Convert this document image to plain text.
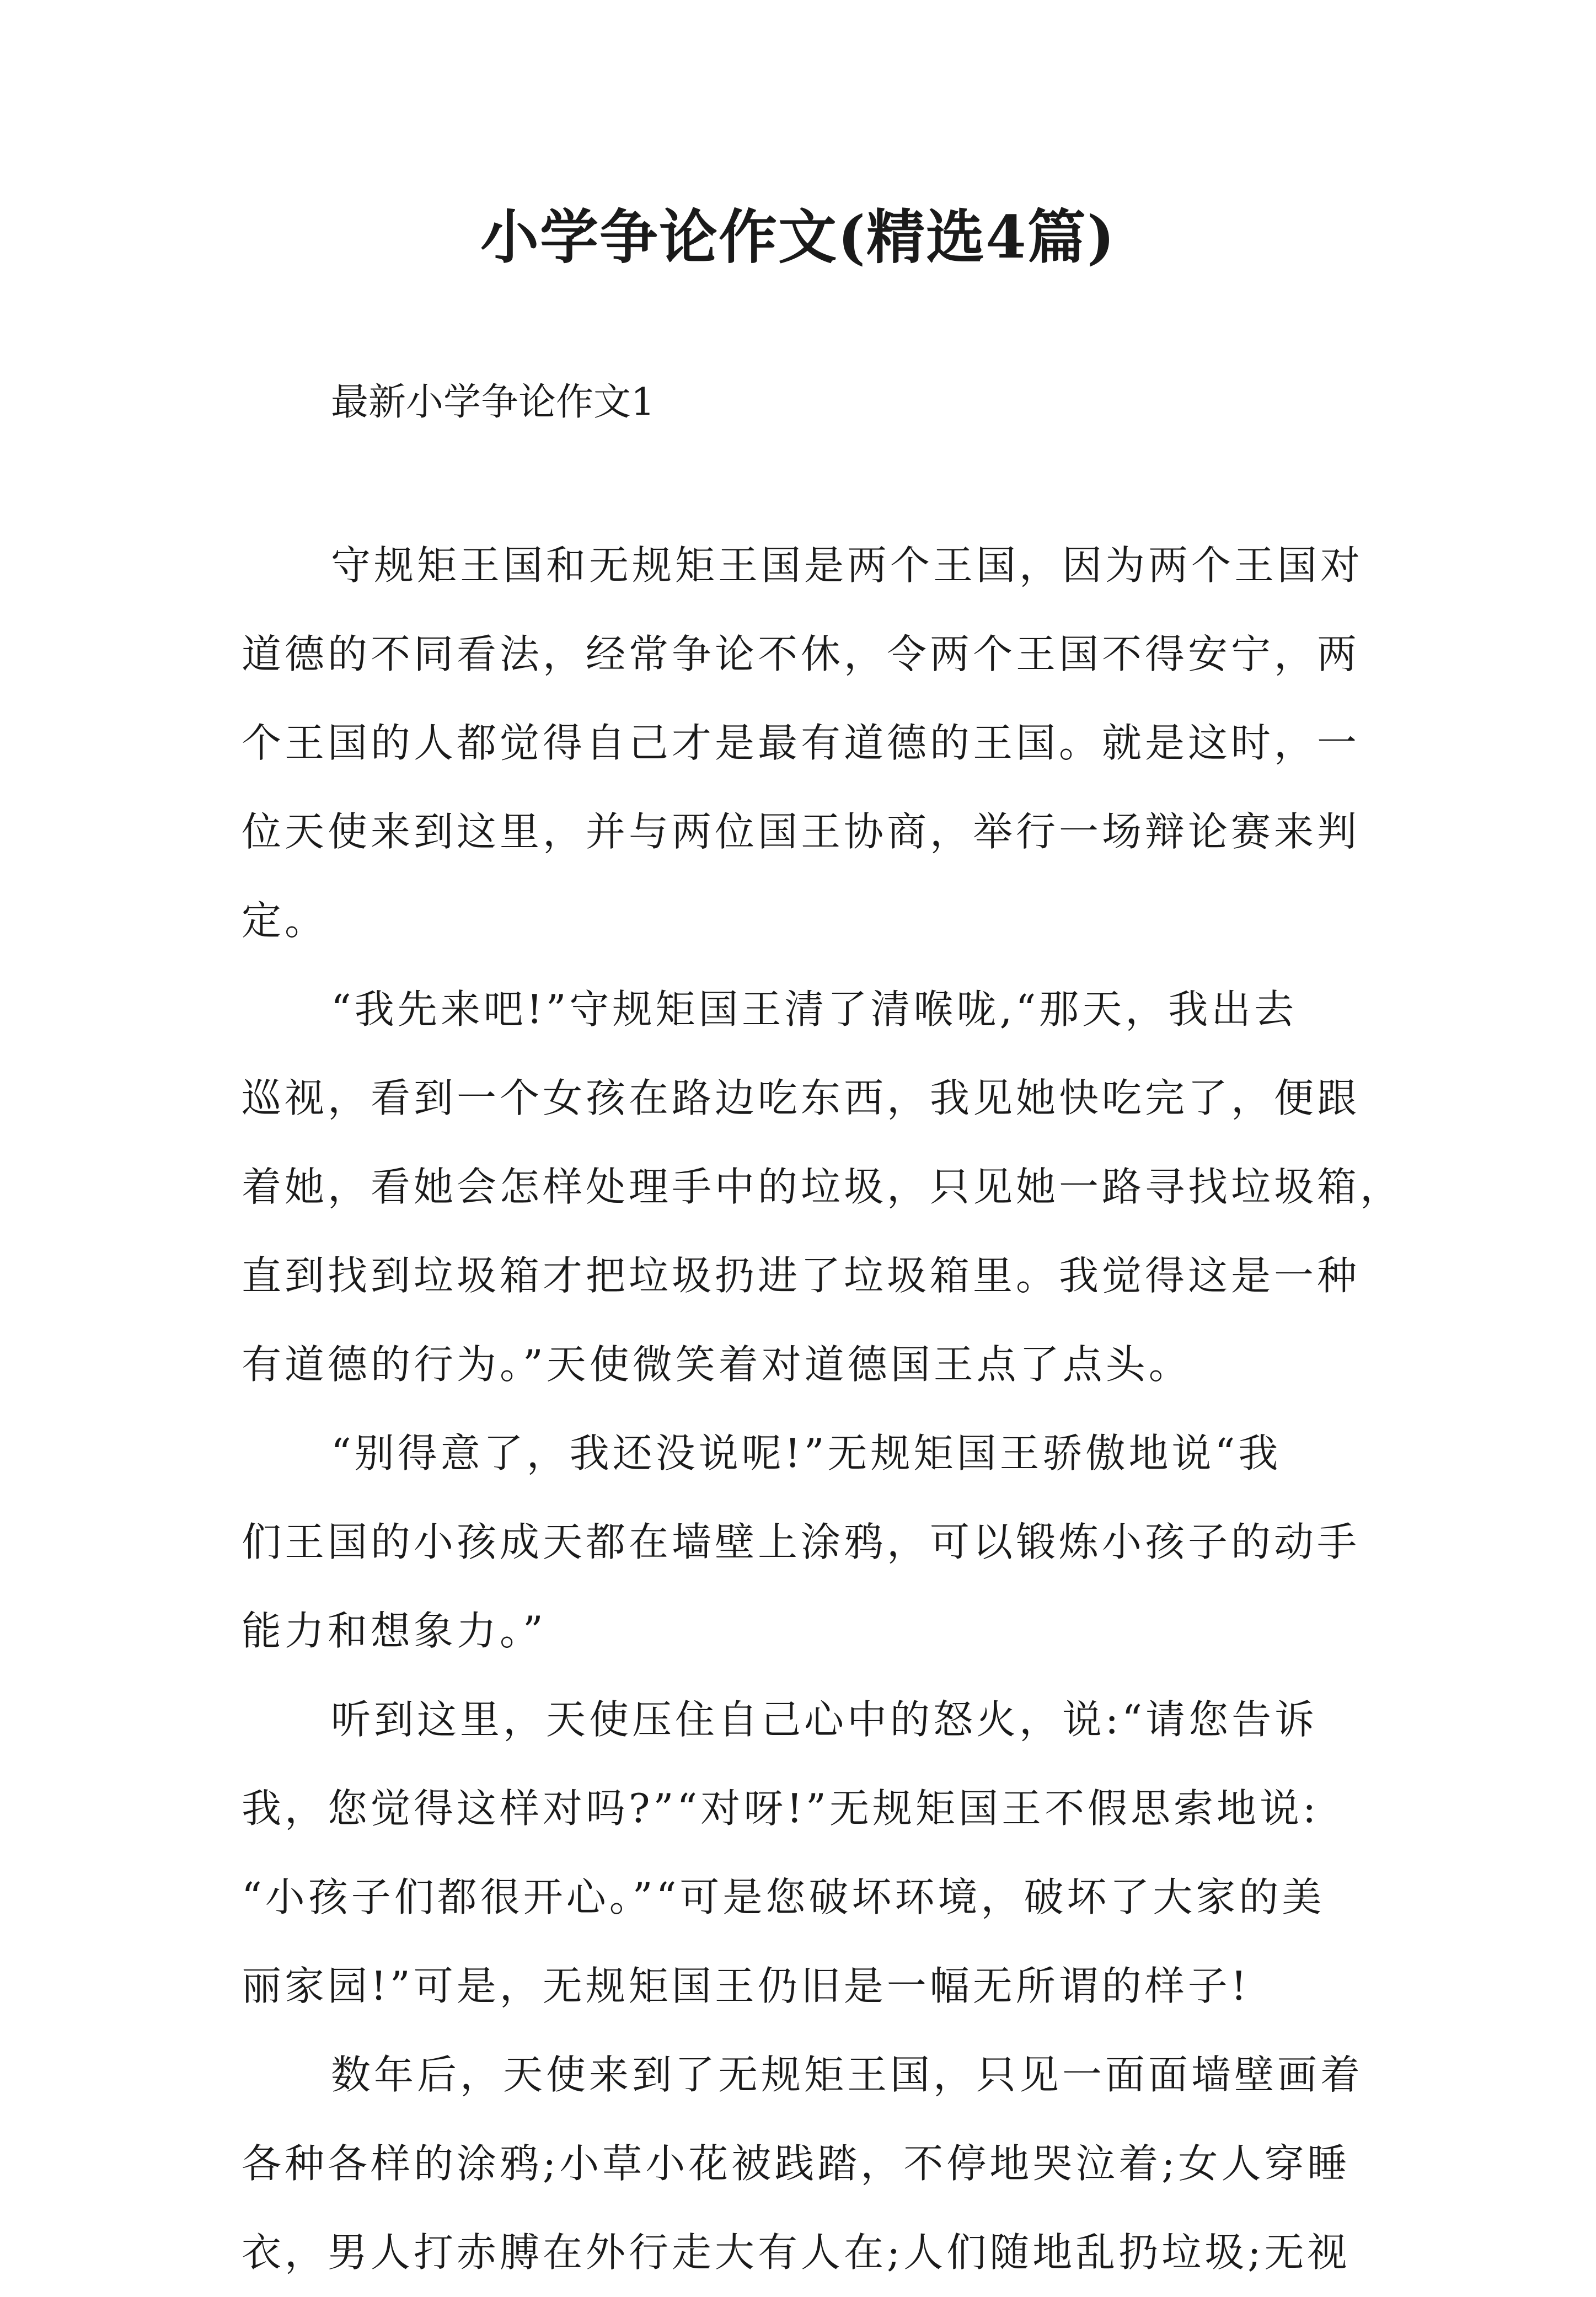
小学争论作文(精选4篇)
最新小学争论作文1
守规矩王国和无规矩王国是两个王国，因为两个王国对
道德的不同看法，经常争论不休，令两个王国不得安宁，两
个王国的人都觉得自己才是最有道德的王国。就是这时，一
位天使来到这里，并与两位国王协商，举行一场辩论赛来判
定。
“我先来吧!”守规矩国王清了清喉咙,“那天，我出去
巡视，看到一个女孩在路边吃东西，我见她快吃完了，便跟
着她，看她会怎样处理手中的垃圾，只见她一路寻找垃圾箱，
直到找到垃圾箱才把垃圾扔进了垃圾箱里。我觉得这是一种
有道德的行为。”天使微笑着对道德国王点了点头。
“别得意了，我还没说呢!”无规矩国王骄傲地说“我
们王国的小孩成天都在墙壁上涂鸦，可以锻炼小孩子的动手
能力和想象力。”
听到这里，天使压住自己心中的怒火，说:“请您告诉
我，您觉得这样对吗?”“对呀!”无规矩国王不假思索地说:
“小孩子们都很开心。”“可是您破坏环境，破坏了大家的美
丽家园!”可是，无规矩国王仍旧是一幅无所谓的样子!
数年后，天使来到了无规矩王国，只见一面面墙壁画着
各种各样的涂鸦;小草小花被践踏，不停地哭泣着;女人穿睡
衣，男人打赤膊在外行走大有人在;人们随地乱扔垃圾;无视
